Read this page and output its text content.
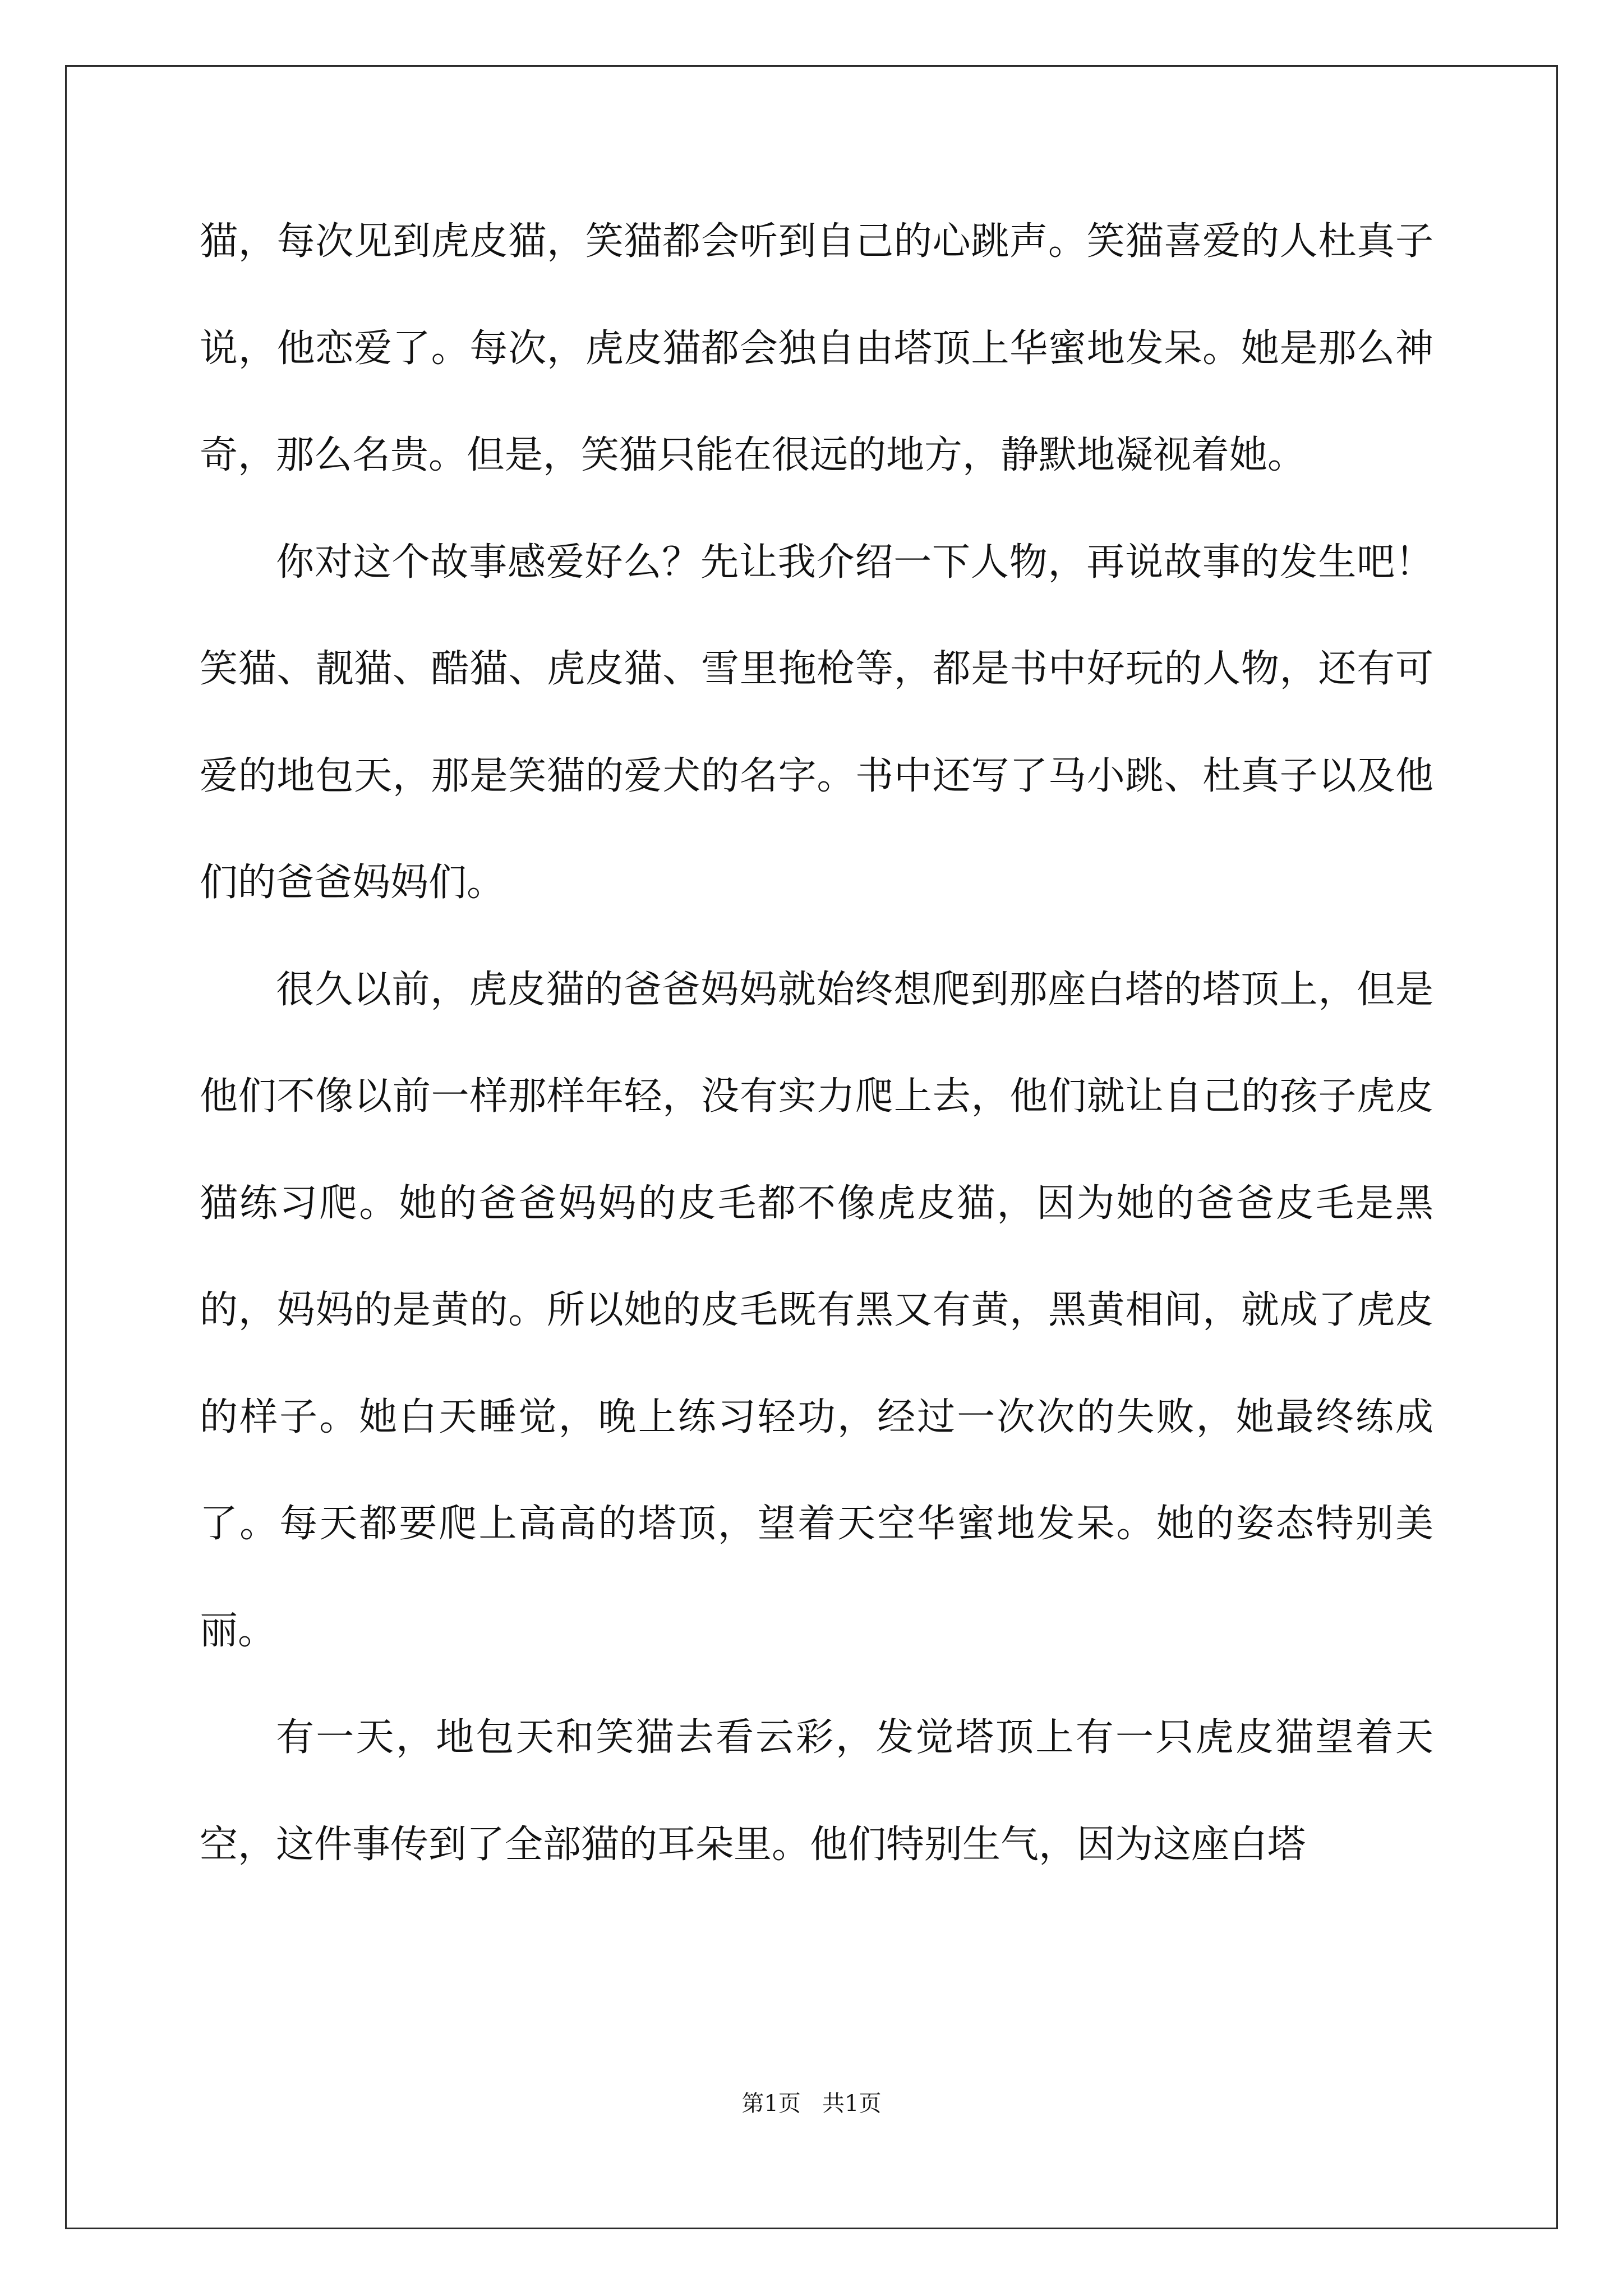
猫，每次见到虎皮猫，笑猫都会听到自己的心跳声。笑猫喜爱的人杜真子说，他恋爱了。每次，虎皮猫都会独自由塔顶上华蜜地发呆。她是那么神奇，那么名贵。但是，笑猫只能在很远的地方，静默地凝视着她。

你对这个故事感爱好么？先让我介绍一下人物，再说故事的发生吧！笑猫、靓猫、酷猫、虎皮猫、雪里拖枪等，都是书中好玩的人物，还有可爱的地包天，那是笑猫的爱犬的名字。书中还写了马小跳、杜真子以及他们的爸爸妈妈们。

很久以前，虎皮猫的爸爸妈妈就始终想爬到那座白塔的塔顶上，但是他们不像以前一样那样年轻，没有实力爬上去，他们就让自己的孩子虎皮猫练习爬。她的爸爸妈妈的皮毛都不像虎皮猫，因为她的爸爸皮毛是黑的，妈妈的是黄的。所以她的皮毛既有黑又有黄，黑黄相间，就成了虎皮的样子。她白天睡觉，晚上练习轻功，经过一次次的失败，她最终练成了。每天都要爬上高高的塔顶，望着天空华蜜地发呆。她的姿态特别美丽。

有一天，地包天和笑猫去看云彩，发觉塔顶上有一只虎皮猫望着天空，这件事传到了全部猫的耳朵里。他们特别生气，因为这座白塔

第1页   共1页
